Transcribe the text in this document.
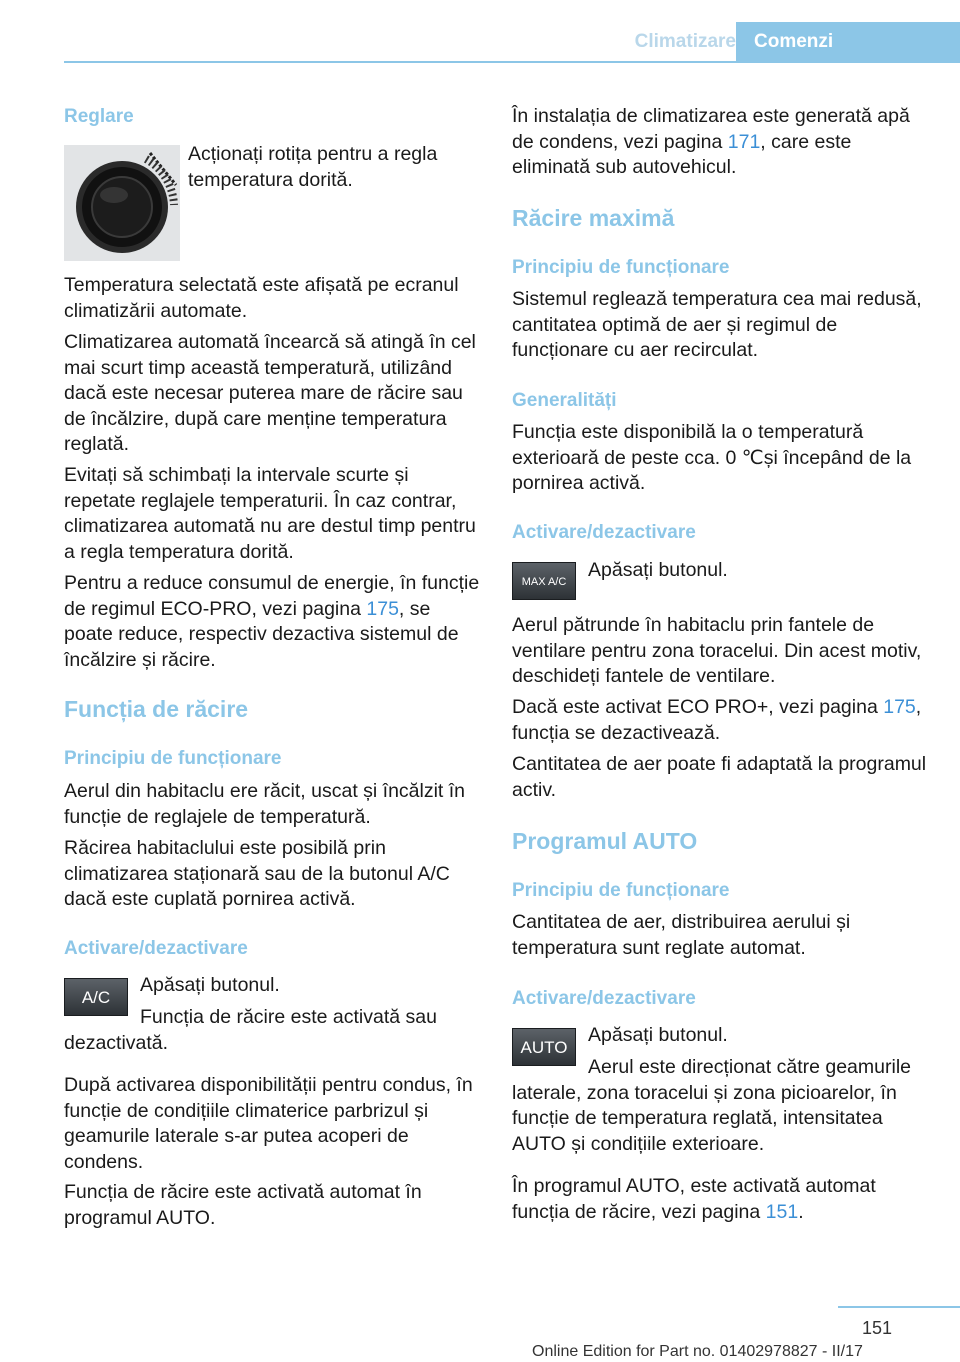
Climatizare Comenzi
Reglare

Acționați rotița pentru a regla temperatura dorită.

Temperatura selectată este afișată pe ecranul climatizării automate.

Climatizarea automată încearcă să atingă în cel mai scurt timp această temperatură, utilizând dacă este necesar puterea mare de răcire sau de încălzire, după care menține temperatura reglată.

Evitați să schimbați la intervale scurte și repetate reglajele temperaturii. În caz contrar, climatizarea automată nu are destul timp pentru a regla temperatura dorită.

Pentru a reduce consumul de energie, în funcție de regimul ECO-PRO, vezi pagina 175, se poate reduce, respectiv dezactiva sistemul de încălzire și răcire.

Funcția de răcire
Principiu de funcționare

Aerul din habitaclu ere răcit, uscat și încălzit în funcție de reglajele de temperatură.

Răcirea habitaclului este posibilă prin climatizarea staționară sau de la butonul A/C dacă este cuplată pornirea activă.

Activare/dezactivare
A/C

Apăsați butonul.

Funcția de răcire este activată sau dezactivată.

După activarea disponibilității pentru condus, în funcție de condițiile climaterice parbrizul și geamurile laterale s-ar putea acoperi de condens.

Funcția de răcire este activată automat în programul AUTO.

În instalația de climatizarea este generată apă de condens, vezi pagina 171, care este eliminată sub autovehicul.

Răcire maximă
Principiu de funcționare

Sistemul reglează temperatura cea mai redusă, cantitatea optimă de aer și regimul de funcționare cu aer recirculat.

Generalități

Funcția este disponibilă la o temperatură exterioară de peste cca. 0 ℃și începând de la pornirea activă.

Activare/dezactivare
MAX A/C

Apăsați butonul.

Aerul pătrunde în habitaclu prin fantele de ventilare pentru zona toracelui. Din acest motiv, deschideți fantele de ventilare.

Dacă este activat ECO PRO+, vezi pagina 175, funcția se dezactivează.

Cantitatea de aer poate fi adaptată la programul activ.

Programul AUTO
Principiu de funcționare

Cantitatea de aer, distribuirea aerului și temperatura sunt reglate automat.

Activare/dezactivare
AUTO

Apăsați butonul.

Aerul este direcționat către geamurile laterale, zona toracelui și zona picioarelor, în funcție de temperatura reglată, intensitatea AUTO și condițiile exterioare.

În programul AUTO, este activată automat funcția de răcire, vezi pagina 151.

151
Online Edition for Part no. 01402978827 - II/17
